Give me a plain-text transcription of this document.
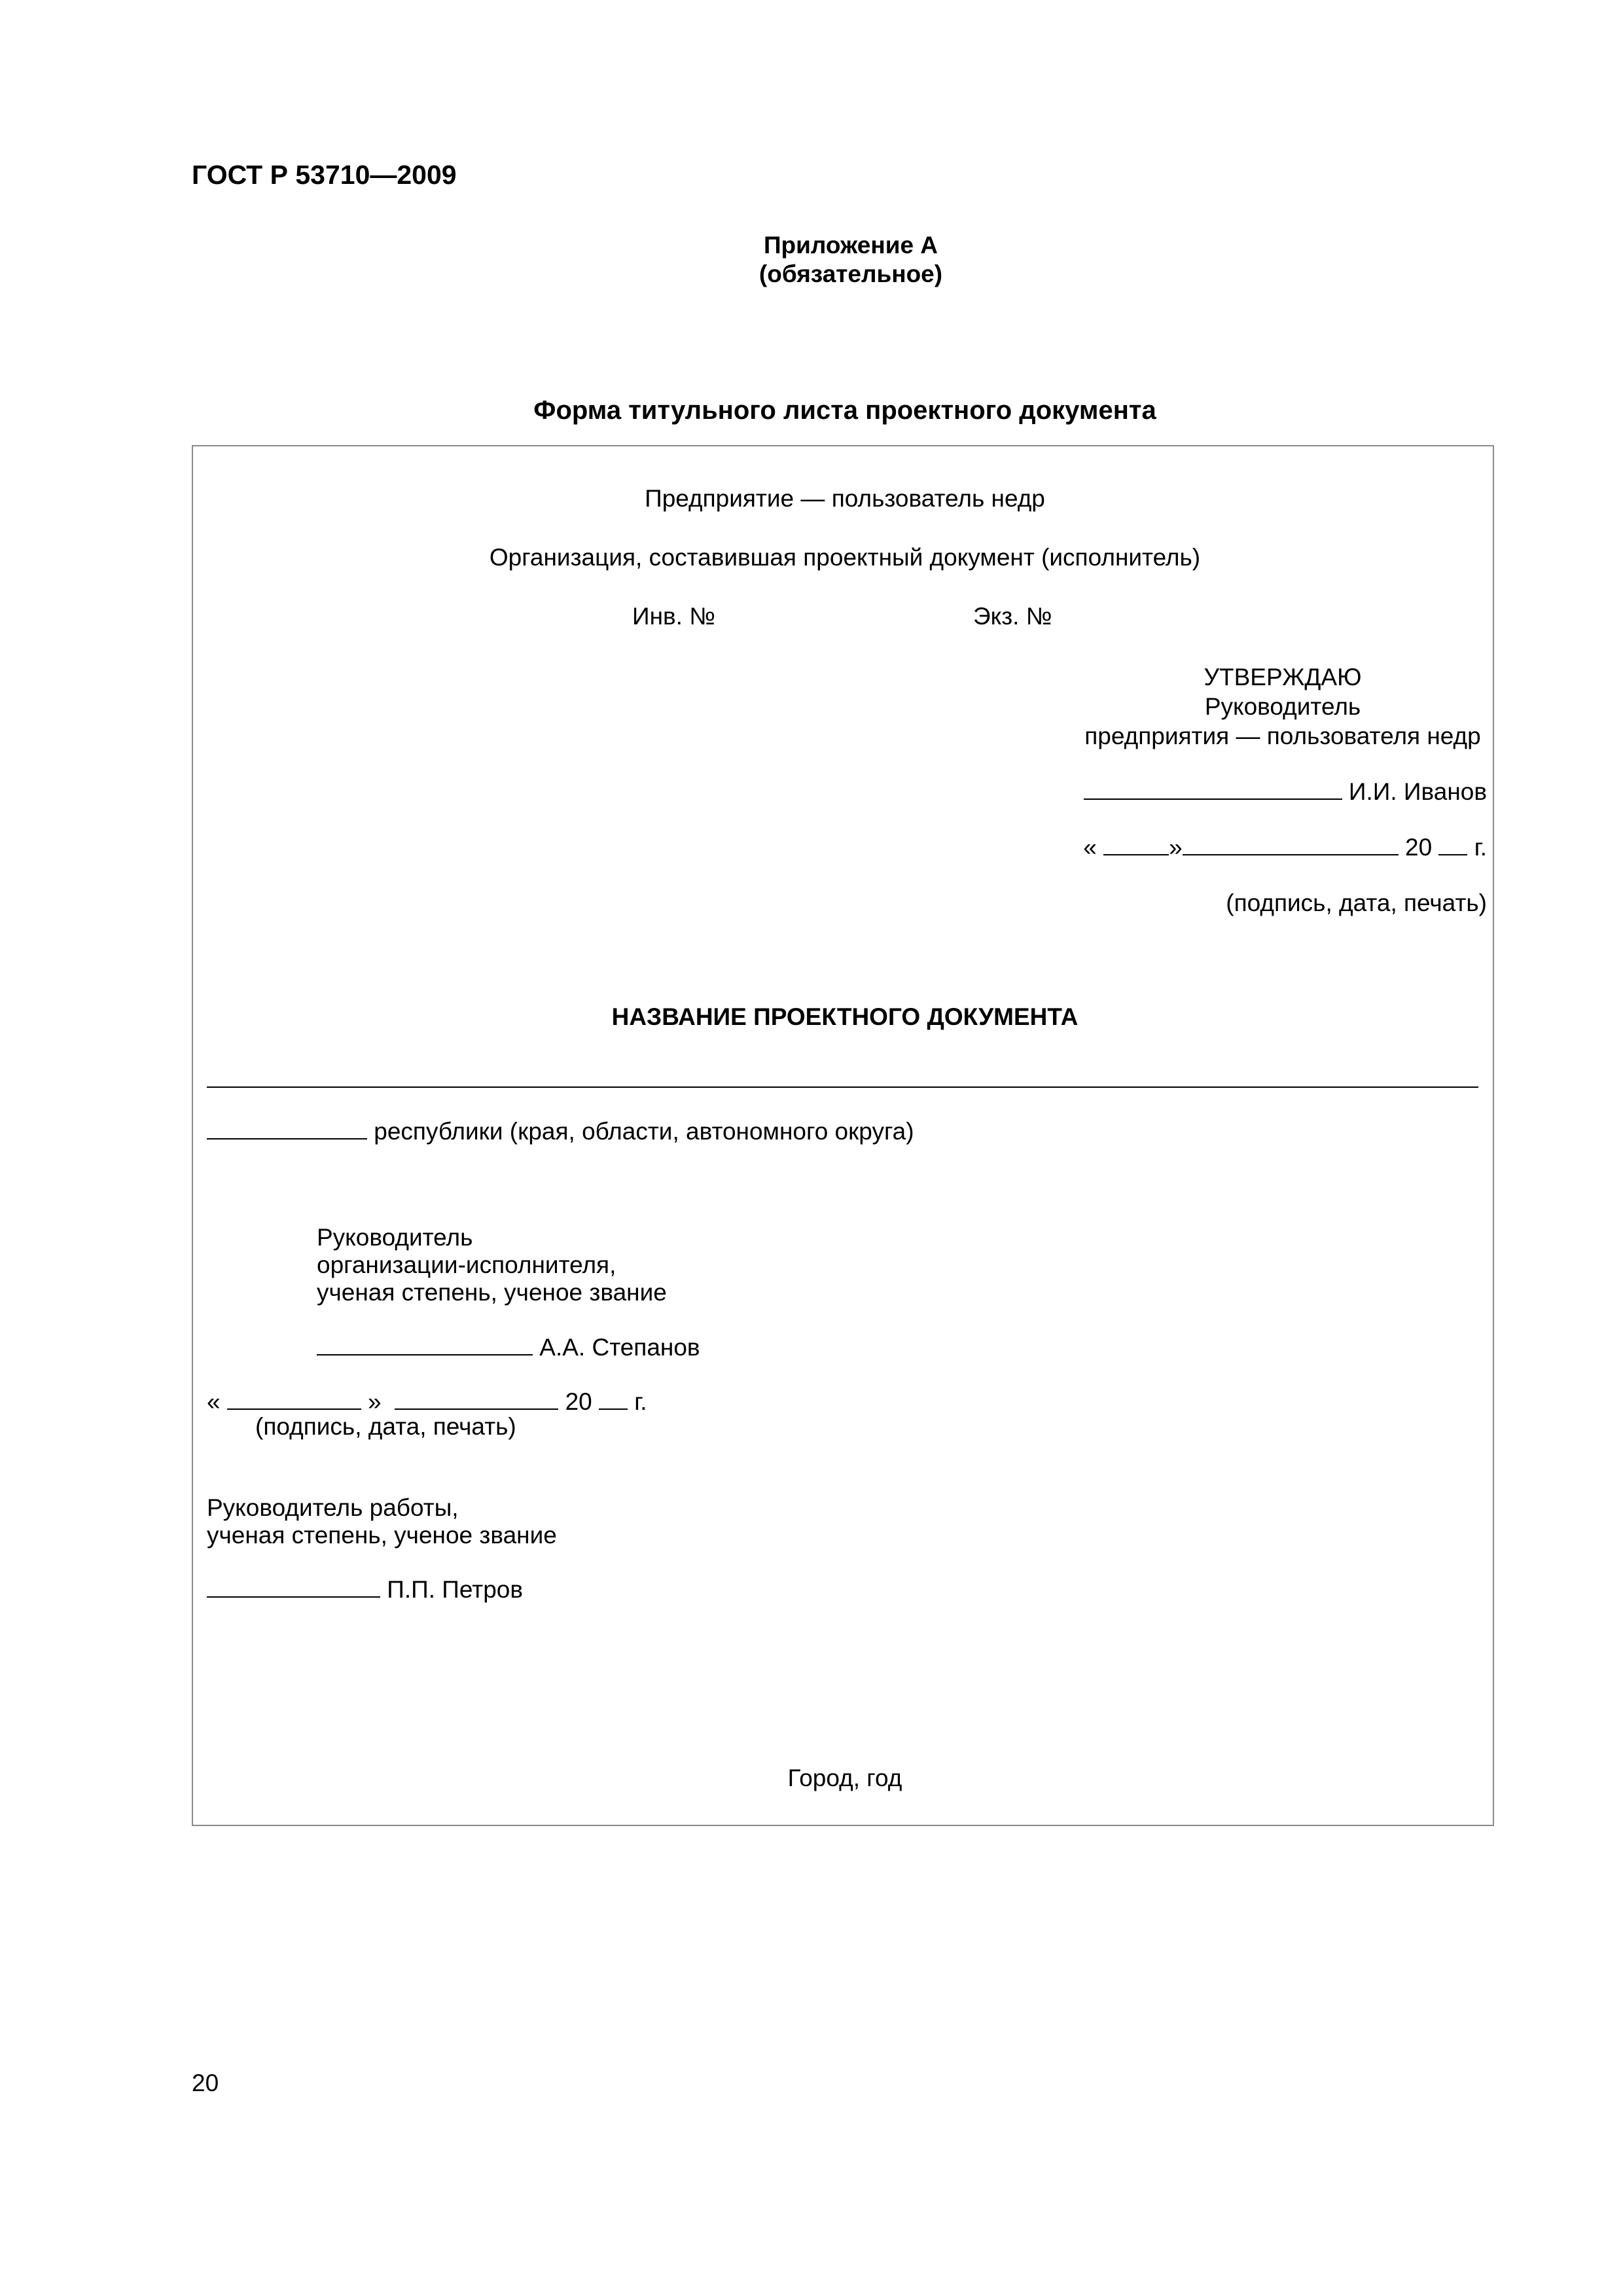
ГОСТ Р 53710—2009
Приложение А
(обязательное)
Форма титульного листа проектного документа
Предприятие — пользователь недр
Организация, составившая проектный документ (исполнитель)
Инв. №	Экз. №
УТВЕРЖДАЮ
Руководитель
предприятия — пользователя недр
И.И. Иванов
«	»	20 г.
(подпись, дата, печать)
НАЗВАНИЕ ПРОЕКТНОГО ДОКУМЕНТА
республики (края, области, автономного округа)
Руководитель
организации-исполнителя,
ученая степень, ученое звание
А.А. Степанов
«	»	20 г.
(подпись, дата, печать)
Руководитель работы,
ученая степень, ученое звание
П.П. Петров
Город, год
20
